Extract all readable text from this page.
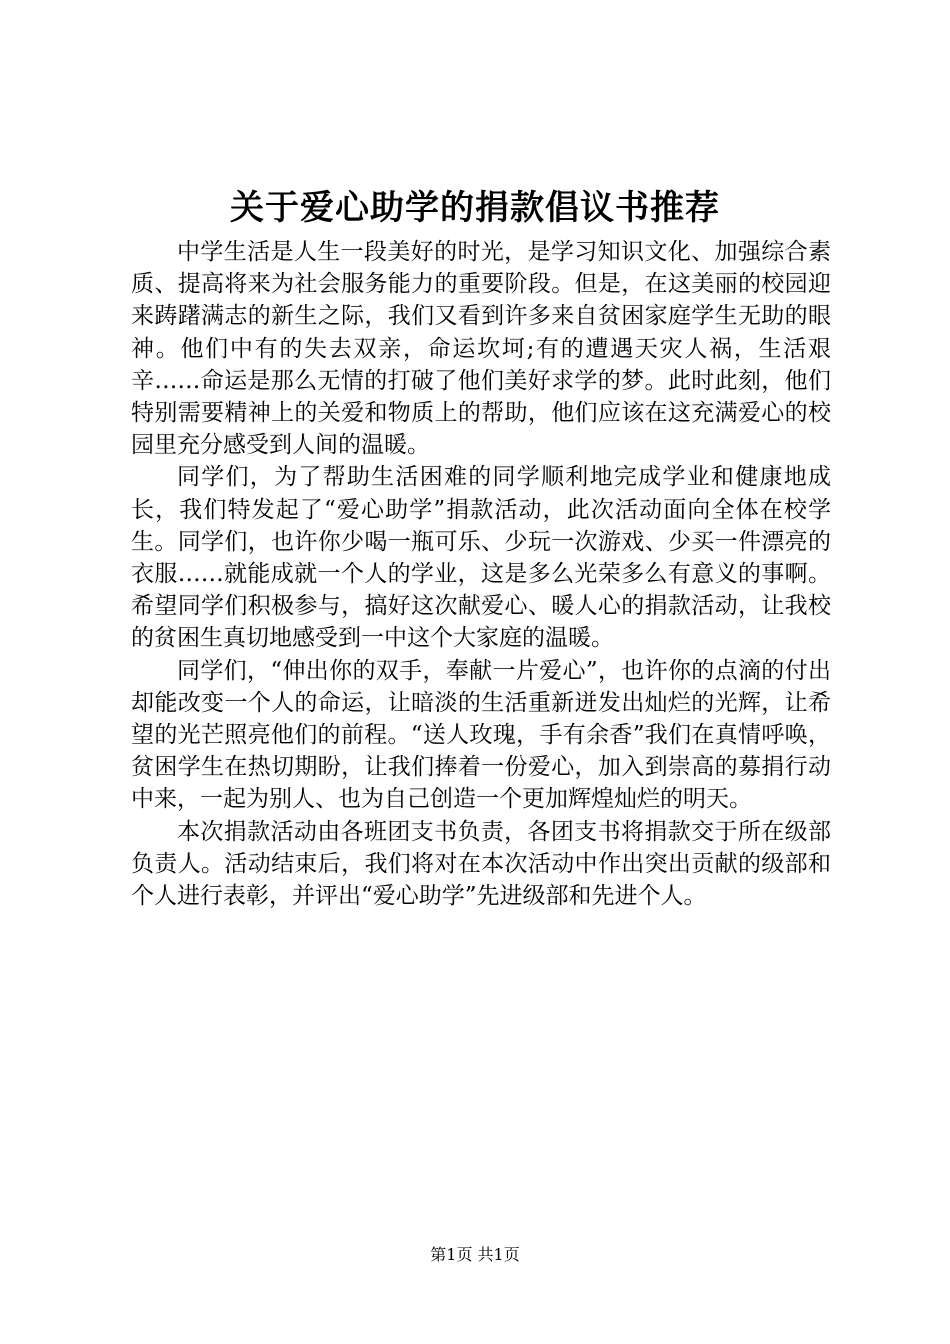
关于爱心助学的捐款倡议书推荐

中学生活是人生一段美好的时光，是学习知识文化、加强综合素质、提高将来为社会服务能力的重要阶段。但是，在这美丽的校园迎来踌躇满志的新生之际，我们又看到许多来自贫困家庭学生无助的眼神。他们中有的失去双亲，命运坎坷;有的遭遇天灾人祸，生活艰辛……命运是那么无情的打破了他们美好求学的梦。此时此刻，他们特别需要精神上的关爱和物质上的帮助，他们应该在这充满爱心的校园里充分感受到人间的温暖。

同学们，为了帮助生活困难的同学顺利地完成学业和健康地成长，我们特发起了“爱心助学”捐款活动，此次活动面向全体在校学生。同学们，也许你少喝一瓶可乐、少玩一次游戏、少买一件漂亮的衣服……就能成就一个人的学业，这是多么光荣多么有意义的事啊。希望同学们积极参与，搞好这次献爱心、暖人心的捐款活动，让我校的贫困生真切地感受到一中这个大家庭的温暖。

同学们，“伸出你的双手，奉献一片爱心”，也许你的点滴的付出却能改变一个人的命运，让暗淡的生活重新迸发出灿烂的光辉，让希望的光芒照亮他们的前程。“送人玫瑰，手有余香”我们在真情呼唤，贫困学生在热切期盼，让我们捧着一份爱心，加入到崇高的募捐行动中来，一起为别人、也为自己创造一个更加辉煌灿烂的明天。

本次捐款活动由各班团支书负责，各团支书将捐款交于所在级部负责人。活动结束后，我们将对在本次活动中作出突出贡献的级部和个人进行表彰，并评出“爱心助学”先进级部和先进个人。

第1页 共1页
